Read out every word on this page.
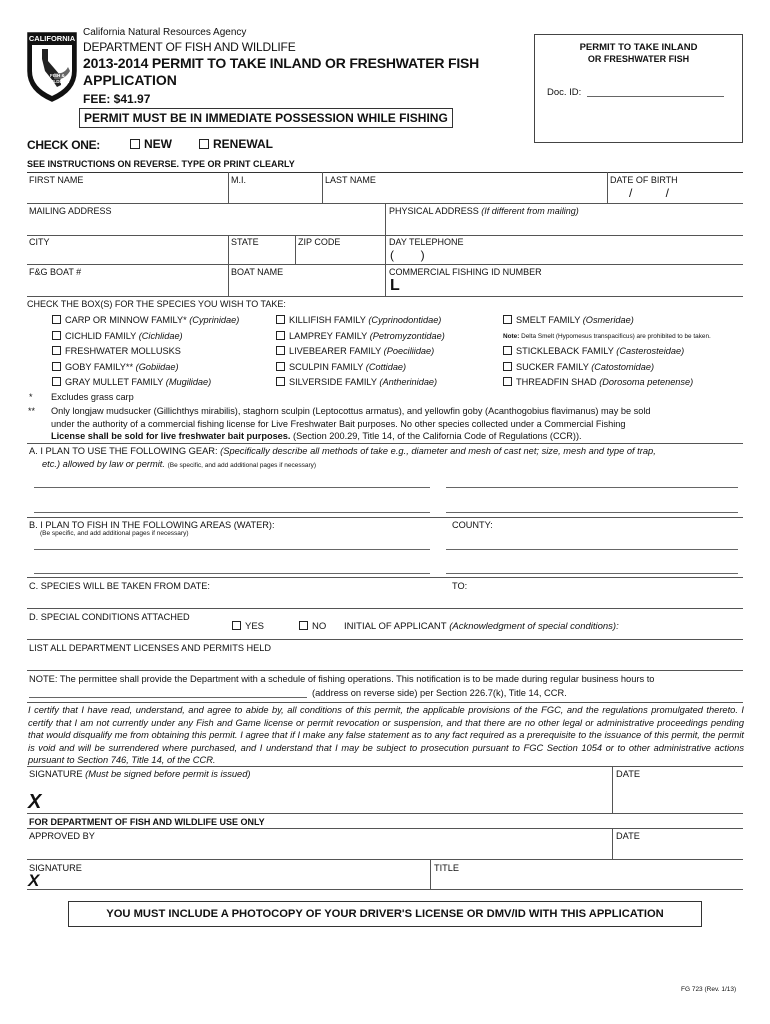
CALIFORNIA
FISH &
WILDLIFE
California Natural Resources Agency
DEPARTMENT OF FISH AND WILDLIFE
2013-2014 PERMIT TO TAKE INLAND OR FRESHWATER FISH
APPLICATION
FEE: $41.97
PERMIT MUST BE IN IMMEDIATE POSSESSION WHILE FISHING
PERMIT TO TAKE INLAND
OR FRESHWATER FISH
Doc. ID:
CHECK ONE:	NEW	RENEWAL
SEE INSTRUCTIONS ON REVERSE. TYPE OR PRINT CLEARLY
FIRST NAME	M.I.	LAST NAME	DATE OF BIRTH
/          /
MAILING ADDRESS	PHYSICAL ADDRESS (If different from mailing)
CITY	STATE	ZIP CODE	DAY TELEPHONE
(        )
F&G BOAT #	BOAT NAME	COMMERCIAL FISHING ID NUMBER
L
CHECK THE BOX(S) FOR THE SPECIES YOU WISH TO TAKE:
CARP OR MINNOW FAMILY* (Cyprinidae)
CICHLID FAMILY (Cichlidae)
FRESHWATER MOLLUSKS
GOBY FAMILY** (Gobiidae)
GRAY MULLET FAMILY (Mugilidae)
KILLIFISH FAMILY (Cyprinodontidae)
LAMPREY FAMILY (Petromyzontidae)
LIVEBEARER FAMILY (Poeciliidae)
SCULPIN FAMILY (Cottidae)
SILVERSIDE FAMILY (Antherinidae)
SMELT FAMILY (Osmeridae)
Note: Delta Smelt (Hypomesus transpacificus) are prohibited to be taken.
STICKLEBACK FAMILY (Casterosteidae)
SUCKER FAMILY (Catostomidae)
THREADFIN SHAD (Dorosoma petenense)
* Excludes grass carp
** Only longjaw mudsucker (Gillichthys mirabilis), staghorn sculpin (Leptocottus armatus), and yellowfin goby (Acanthogobius flavimanus) may be sold
under the authority of a commercial fishing license for Live Freshwater Bait purposes. No other species collected under a Commercial Fishing
License shall be sold for live freshwater bait purposes. (Section 200.29, Title 14, of the California Code of Regulations (CCR)).
A. I PLAN TO USE THE FOLLOWING GEAR: (Specifically describe all methods of take e.g., diameter and mesh of cast net; size, mesh and type of trap,
etc.) allowed by law or permit. (Be specific, and add additional pages if necessary)
B. I PLAN TO FISH IN THE FOLLOWING AREAS (WATER):
(Be specific, and add additional pages if necessary)
COUNTY:
C. SPECIES WILL BE TAKEN FROM DATE:	TO:
D. SPECIAL CONDITIONS ATTACHED
YES	NO INITIAL OF APPLICANT (Acknowledgment of special conditions):
LIST ALL DEPARTMENT LICENSES AND PERMITS HELD
NOTE: The permittee shall provide the Department with a schedule of fishing operations. This notification is to be made during regular business hours to
(address on reverse side) per Section 226.7(k), Title 14, CCR.
I certify that I have read, understand, and agree to abide by, all conditions of this permit, the applicable provisions of the FGC, and the regulations promulgated thereto. I certify that I am not currently under any Fish and Game license or permit revocation or suspension, and that there are no other legal or administrative proceedings pending that would disqualify me from obtaining this permit. I agree that if I make any false statement as to any fact required as a prerequisite to the issuance of this permit, the permit is void and will be surrendered where purchased, and I understand that I may be subject to prosecution pursuant to FGC Section 1054 or to other administrative actions pursuant to Section 746, Title 14, of the CCR.
SIGNATURE (Must be signed before permit is issued)	DATE
X
FOR DEPARTMENT OF FISH AND WILDLIFE USE ONLY
APPROVED BY	DATE
SIGNATURE	TITLE
X
YOU MUST INCLUDE A PHOTOCOPY OF YOUR DRIVER'S LICENSE OR DMV/ID WITH THIS APPLICATION
FG 723 (Rev. 1/13)
